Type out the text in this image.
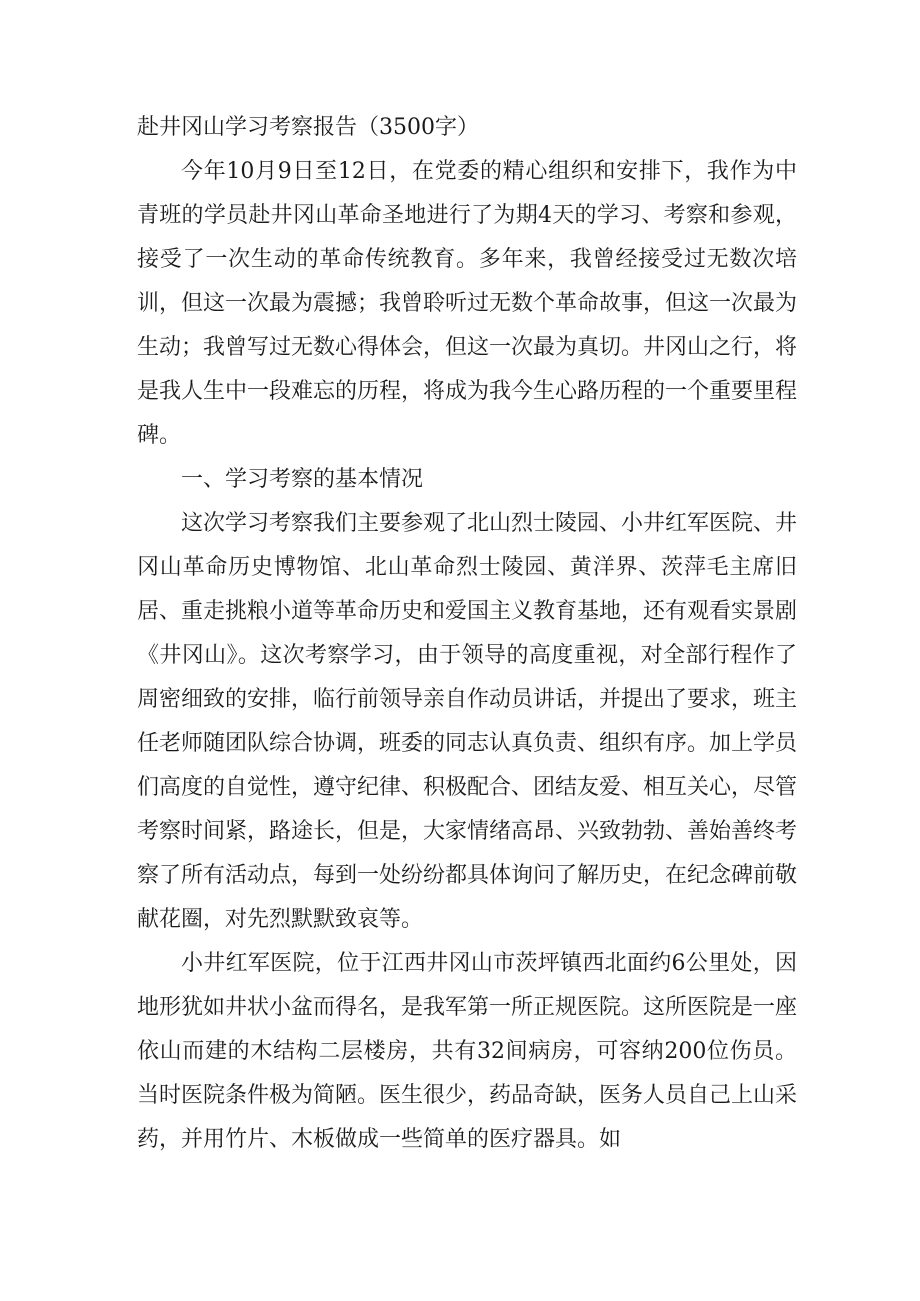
赴井冈山学习考察报告（3500字）

今年10月9日至12日，在党委的精心组织和安排下，我作为中青班的学员赴井冈山革命圣地进行了为期4天的学习、考察和参观，接受了一次生动的革命传统教育。多年来，我曾经接受过无数次培训，但这一次最为震撼；我曾聆听过无数个革命故事，但这一次最为生动；我曾写过无数心得体会，但这一次最为真切。井冈山之行，将是我人生中一段难忘的历程，将成为我今生心路历程的一个重要里程碑。

一、学习考察的基本情况

这次学习考察我们主要参观了北山烈士陵园、小井红军医院、井冈山革命历史博物馆、北山革命烈士陵园、黄洋界、茨萍毛主席旧居、重走挑粮小道等革命历史和爱国主义教育基地，还有观看实景剧《井冈山》。这次考察学习，由于领导的高度重视，对全部行程作了周密细致的安排，临行前领导亲自作动员讲话，并提出了要求，班主任老师随团队综合协调，班委的同志认真负责、组织有序。加上学员们高度的自觉性，遵守纪律、积极配合、团结友爱、相互关心，尽管考察时间紧，路途长，但是，大家情绪高昂、兴致勃勃、善始善终考察了所有活动点，每到一处纷纷都具体询问了解历史，在纪念碑前敬献花圈，对先烈默默致哀等。

小井红军医院，位于江西井冈山市茨坪镇西北面约6公里处，因地形犹如井状小盆而得名，是我军第一所正规医院。这所医院是一座依山而建的木结构二层楼房，共有32间病房，可容纳200位伤员。当时医院条件极为简陋。医生很少，药品奇缺，医务人员自己上山采药，并用竹片、木板做成一些简单的医疗器具。如
